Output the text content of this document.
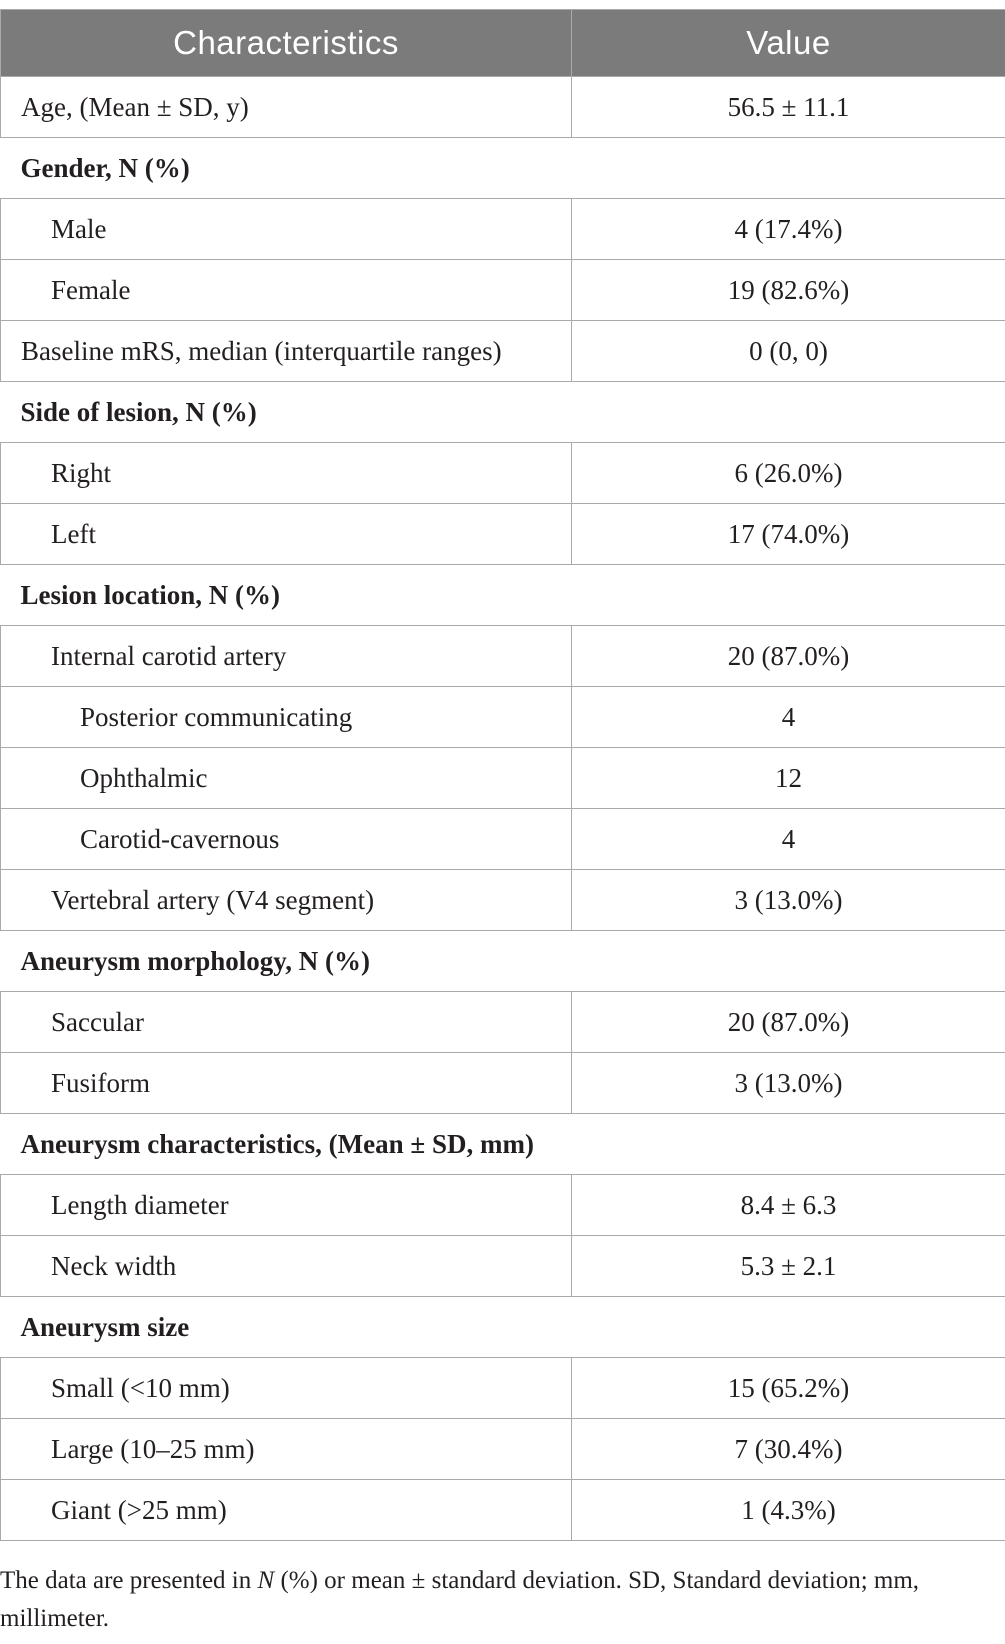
Characteristics	Value
Age, (Mean ± SD, y)	56.5 ± 11.1
Gender, N (%)	
Male	4 (17.4%)
Female	19 (82.6%)
Baseline mRS, median (interquartile ranges)	0 (0, 0)
Side of lesion, N (%)	
Right	6 (26.0%)
Left	17 (74.0%)
Lesion location, N (%)	
Internal carotid artery	20 (87.0%)
Posterior communicating	4
Ophthalmic	12
Carotid-cavernous	4
Vertebral artery (V4 segment)	3 (13.0%)
Aneurysm morphology, N (%)	
Saccular	20 (87.0%)
Fusiform	3 (13.0%)
Aneurysm characteristics, (Mean ± SD, mm)	
Length diameter	8.4 ± 6.3
Neck width	5.3 ± 2.1
Aneurysm size	
Small (<10 mm)	15 (65.2%)
Large (10–25 mm)	7 (30.4%)
Giant (>25 mm)	1 (4.3%)
The data are presented in N (%) or mean ± standard deviation. SD, Standard deviation; mm, millimeter.
